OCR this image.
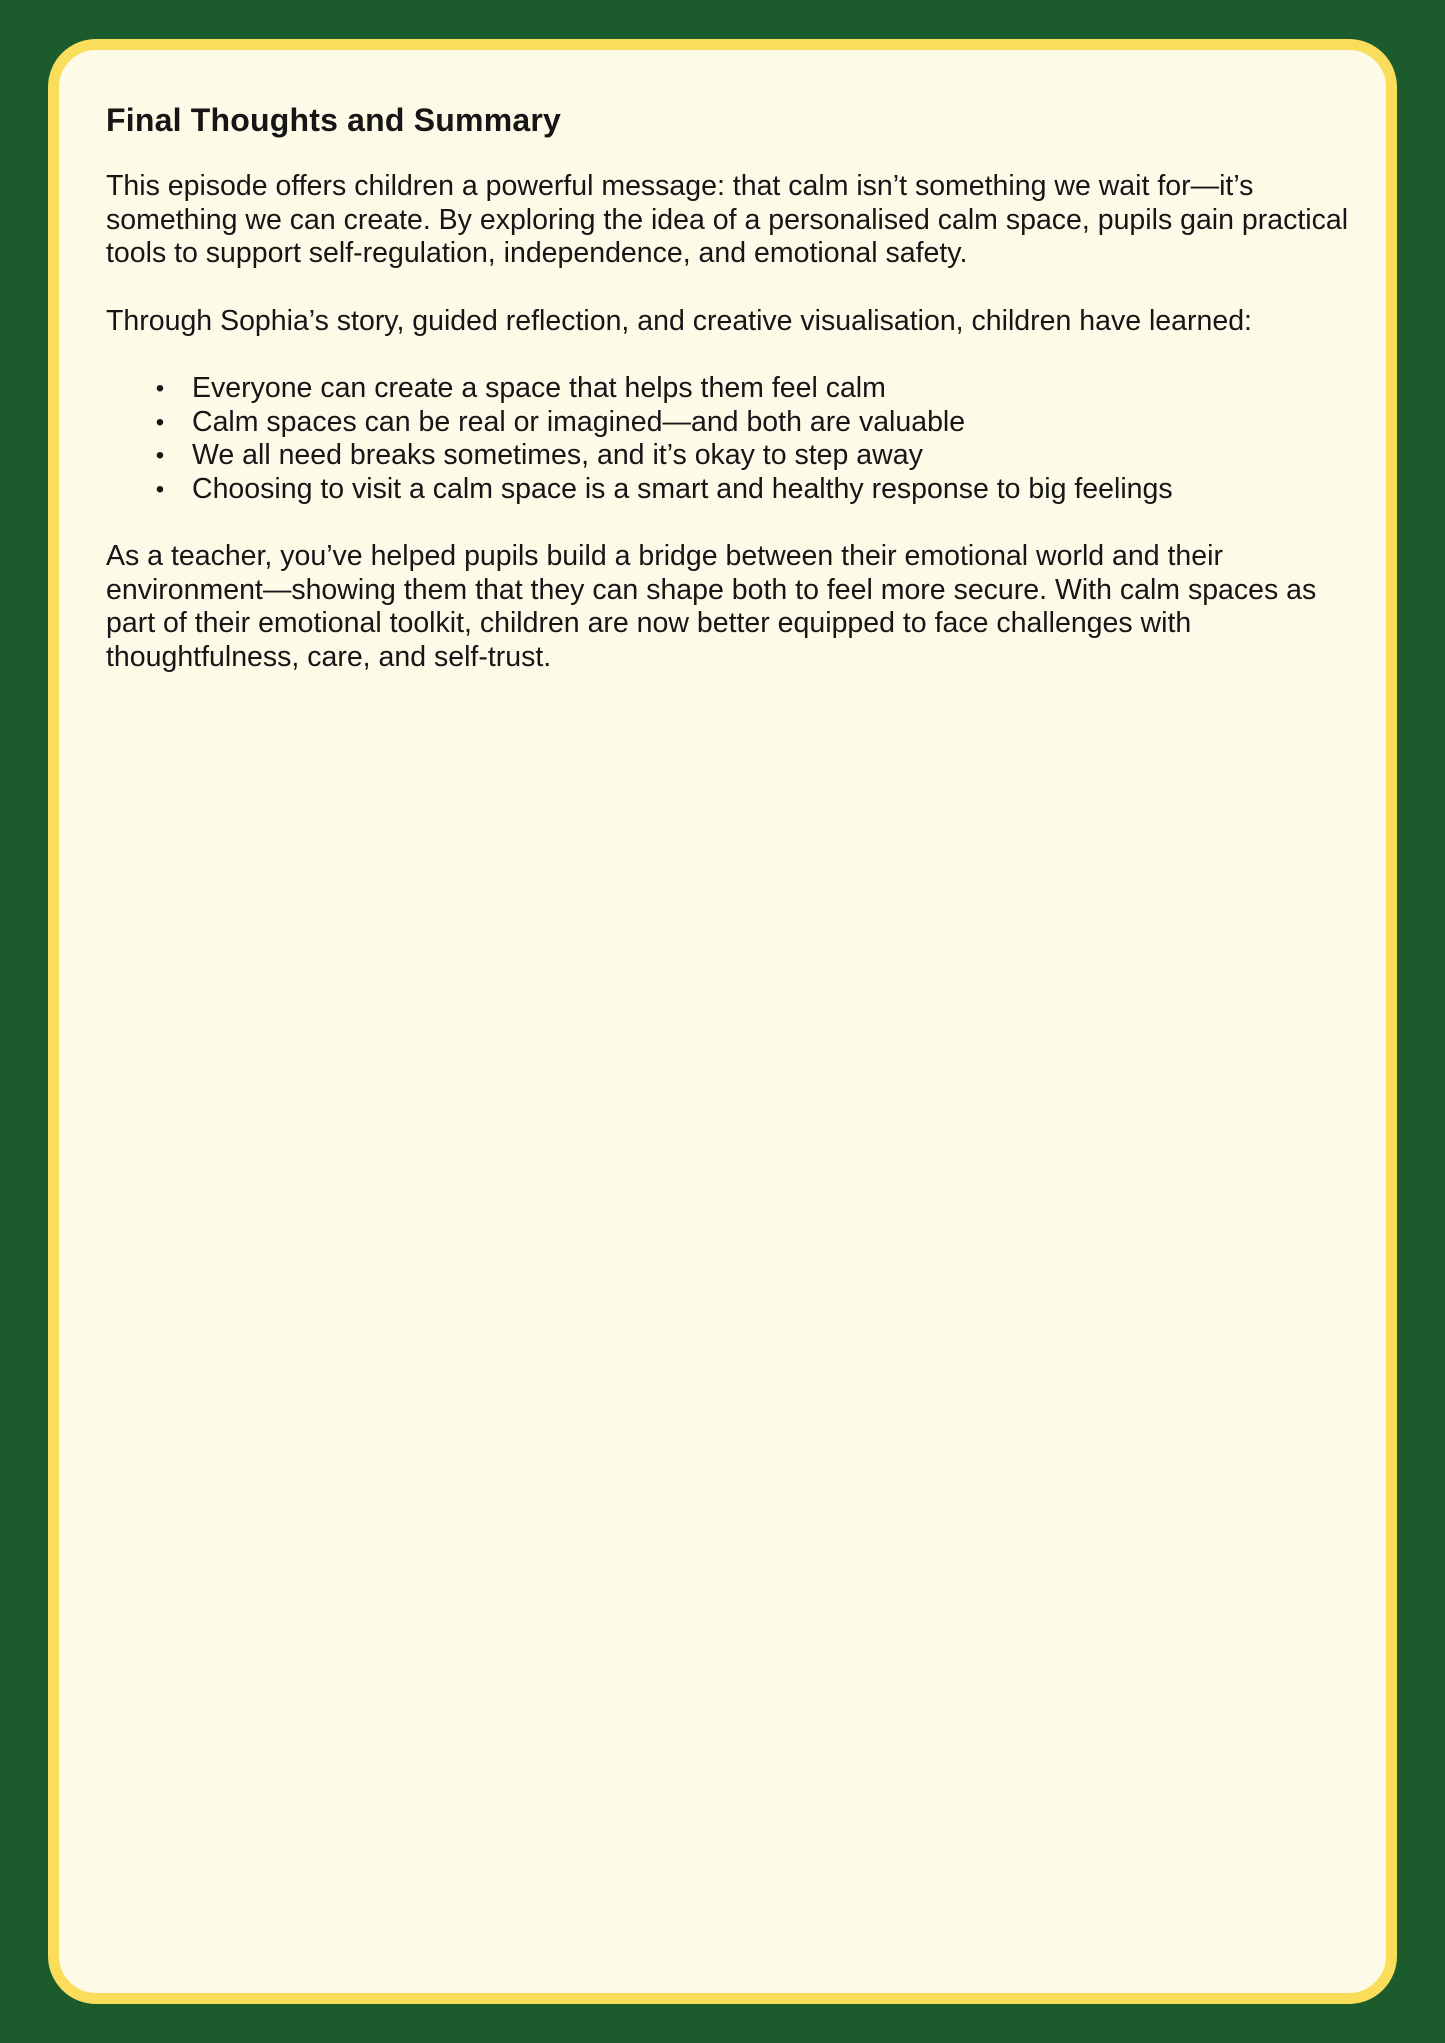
Final Thoughts and Summary

This episode offers children a powerful message: that calm isn’t something we wait for—it’s something we can create. By exploring the idea of a personalised calm space, pupils gain practical tools to support self-regulation, independence, and emotional safety.

Through Sophia’s story, guided reflection, and creative visualisation, children have learned:

• Everyone can create a space that helps them feel calm
• Calm spaces can be real or imagined—and both are valuable
• We all need breaks sometimes, and it’s okay to step away
• Choosing to visit a calm space is a smart and healthy response to big feelings

As a teacher, you’ve helped pupils build a bridge between their emotional world and their environment—showing them that they can shape both to feel more secure. With calm spaces as part of their emotional toolkit, children are now better equipped to face challenges with thoughtfulness, care, and self-trust.
